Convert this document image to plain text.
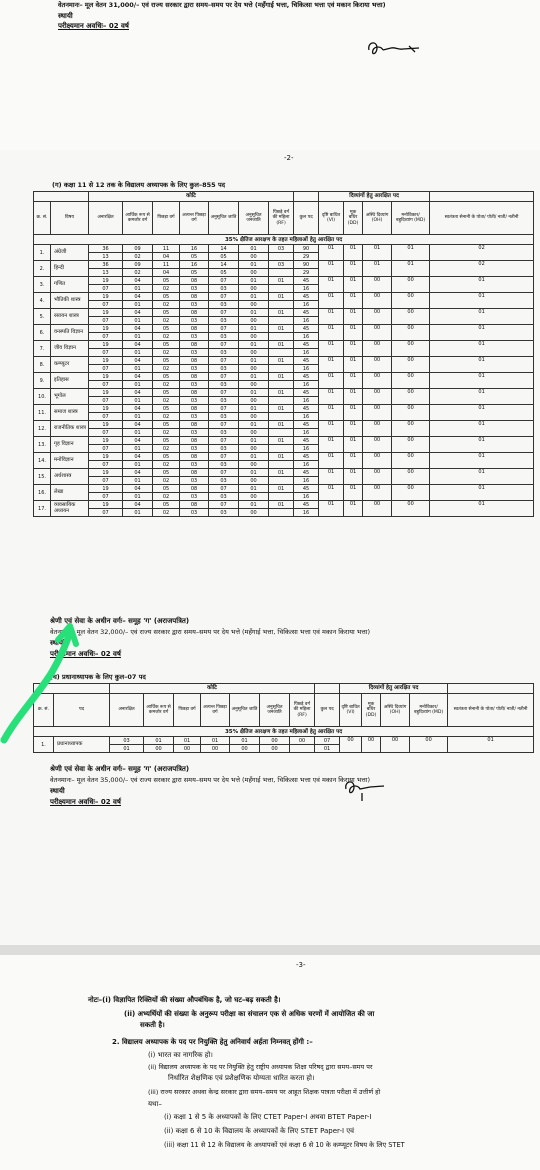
वेतनमानः– मूल वेतन 31,000/– एवं राज्य सरकार द्वारा समय–समय पर देय भत्ते (महँगाई भत्ता, चिकित्सा भत्ता एवं मकान किराया भत्ता)
स्थायी
परीक्ष्यमान अवधिः– 02 वर्ष
-2-
(ग) कक्षा 11 से 12 तक के विद्यालय अध्यापक के लिए कुल–855 पद
		कोटि								दिव्यांगों हेतु आरक्षित पद				
क्र. सं.	विषय	अनारक्षित	आर्थिक रूप से कमजोर वर्ग	पिछड़ा वर्ग	अत्यन्त पिछड़ा वर्ग	अनुसूचित जाति	अनुसूचित जनजाति	पिछड़े वर्ग की महिला (RF)	कुल पद	दृष्टि बाधित (VI)	मूक बधिर (DD)	अस्थि दिव्यांग (OH)	मनोविकार/ बहुदिव्यांग (MD)	स्वतंत्रता सेनानी के पोता/ पोती/ नाती/ नतीनी
35% क्षैतिज आरक्षण के तहत महिलाओं हेतु आरक्षित पद														
1.	अंग्रेजी	36	09	11	16	14	01	03	90	01	01	01	01	02
		13	02	04	05	05	00		29					
2.	हिन्दी	36	09	11	16	14	01	03	90	01	01	01	01	02
		13	02	04	05	05	00		29					
3.	गणित	19	04	05	08	07	01	01	45	01	01	00	00	01
		07	01	02	03	03	00		16					
4.	भौतिकी शास्त्र	19	04	05	08	07	01	01	45	01	01	00	00	01
		07	01	02	03	03	00		16					
5.	रसायन शास्त्र	19	04	05	08	07	01	01	45	01	01	00	00	01
		07	01	02	03	03	00		16					
6.	वनस्पति विज्ञान	19	04	05	08	07	01	01	45	01	01	00	00	01
		07	01	02	03	03	00		16					
7.	जीव विज्ञान	19	04	05	08	07	01	01	45	01	01	00	00	01
		07	01	02	03	03	00		16					
8.	कम्प्यूटर	19	04	05	08	07	01	01	45	01	01	00	00	01
		07	01	02	03	03	00		16					
9.	इतिहास	19	04	05	08	07	01	01	45	01	01	00	00	01
		07	01	02	03	03	00		16					
10.	भूगोल	19	04	05	08	07	01	01	45	01	01	00	00	01
		07	01	02	03	03	00		16					
11.	समाज शास्त्र	19	04	05	08	07	01	01	45	01	01	00	00	01
		07	01	02	03	03	00		16					
12.	राजनीतिक शास्त्र	19	04	05	08	07	01	01	45	01	01	00	00	01
		07	01	02	03	03	00		16					
13.	गृह विज्ञान	19	04	05	08	07	01	01	45	01	01	00	00	01
		07	01	02	03	03	00		16					
14.	मनोविज्ञान	19	04	05	08	07	01	01	45	01	01	00	00	01
		07	01	02	03	03	00		16					
15.	अर्थशास्त्र	19	04	05	08	07	01	01	45	01	01	00	00	01
		07	01	02	03	03	00		16					
16.	लेखा	19	04	05	08	07	01	01	45	01	01	00	00	01
		07	01	02	03	03	00		16					
17.	व्यवसायिक अध्ययन	19	04	05	08	07	01	01	45	01	01	00	00	01
		07	01	02	03	03	00		16					
श्रेणी एवं सेवा के अधीन वर्गः– समूह 'ग' (अराजपत्रित)
वेतनमानः– मूल वेतन 32,000/– एवं राज्य सरकार द्वारा समय–समय पर देय भत्ते (महँगाई भत्ता, चिकित्सा भत्ता एवं मकान किराया भत्ता)
स्थायी
परीक्ष्यमान अवधिः– 02 वर्ष
(घ) प्रधानाध्यापक के लिए कुल–07 पद
		कोटि								दिव्यांगों हेतु आरक्षित पद				
क्र. सं.	पद	अनारक्षित	आर्थिक रूप से कमजोर वर्ग	पिछड़ा वर्ग	अत्यन्त पिछड़ा वर्ग	अनुसूचित जाति	अनुसूचित जनजाति	पिछड़े वर्ग की महिला (RF)	कुल पद	दृष्टि बाधित (VI)	मूक बधिर (DD)	अस्थि दिव्यांग (OH)	मनोविकार/ बहुदिव्यांग (MD)	स्वतंत्रता सेनानी के पोता/ पोती/ नाती/ नतीनी
35% क्षैतिज आरक्षण के तहत महिलाओं हेतु आरक्षित पद														
1.	प्रधानाध्यापक	03	01	01	01	01	00	00	07	00	00	00	00	01
		01	00	00	00	00	00		01					
श्रेणी एवं सेवा के अधीन वर्गः– समूह 'ग' (अराजपत्रित)
वेतनमानः– मूल वेतन 35,000/– एवं राज्य सरकार द्वारा समय–समय पर देय भत्ते (महँगाई भत्ता, चिकित्सा भत्ता एवं मकान किराया भत्ता)
स्थायी
परीक्ष्यमान अवधिः– 02 वर्ष
-3-
नोटः–(i) विज्ञापित रिक्तियों की संख्या औपबंधिक है, जो घट–बढ़ सकती है।
(ii) अभ्यर्थियों की संख्या के अनुरूप परीक्षा का संचालन एक से अधिक चरणों में आयोजित की जा
सकती है।
2. विद्यालय अध्यापक के पद पर नियुक्ति हेतु अनिवार्य अर्हता निम्नवत् होंगी :–
(i) भारत का नागरिक हो।
(ii) विद्यालय अध्यापक के पद पर नियुक्ति हेतु राष्ट्रीय अध्यापक शिक्षा परिषद् द्वारा समय–समय पर
निर्धारित शैक्षणिक एवं प्रशैक्षणिक योग्यता धारित करता हो।
(iii) राज्य सरकार अथवा केन्द्र सरकार द्वारा समय–समय पर आहूत शिक्षक पात्रता परीक्षा में उत्तीर्ण हो
यथा–
(i) कक्षा 1 से 5 के अध्यापकों के लिए CTET Paper-I अथवा BTET Paper-I
(ii) कक्षा 6 से 10 के विद्यालय के अध्यापकों के लिए STET Paper-I एवं
(iii) कक्षा 11 से 12 के विद्यालय के अध्यापकों एवं कक्षा 6 से 10 के कम्प्यूटर विषय के लिए STET
